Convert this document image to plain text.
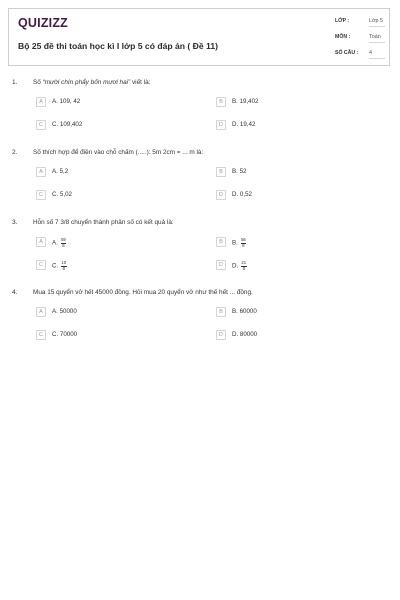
QUIZIZZ
Bộ 25 đề thi toán học kì I lớp 5 có đáp án ( Đề 11)
LỚP :	Lớp 5
MÔN :	Toán
SỐ CÂU : 4
1. Số “mười chín phẩy bốn mươi hai” viết là:
A	A. 109, 42	B	B. 19,402
C	C. 109,402	D	D. 19,42
2. Số thích hợp để điền vào chỗ chấm (.....): 5m 2cm = ... m là:
A	A. 5,2	B	B. 52
C	C. 5,02	D	D. 0,52
3. Hỗn số 7 3/8 chuyển thành phân số có kết quả là:
A	A. $\frac{59}{8}$	B	B. $\frac{56}{8}$
C	C. $\frac{10}{8}$	D	D. $\frac{21}{8}$
4. Mua 15 quyển vở hết 45000 đồng. Hỏi mua 20 quyển vở như thế hết ... đồng.
A	A. 50000	B	B. 60000
C	C. 70000	D	D. 80000
